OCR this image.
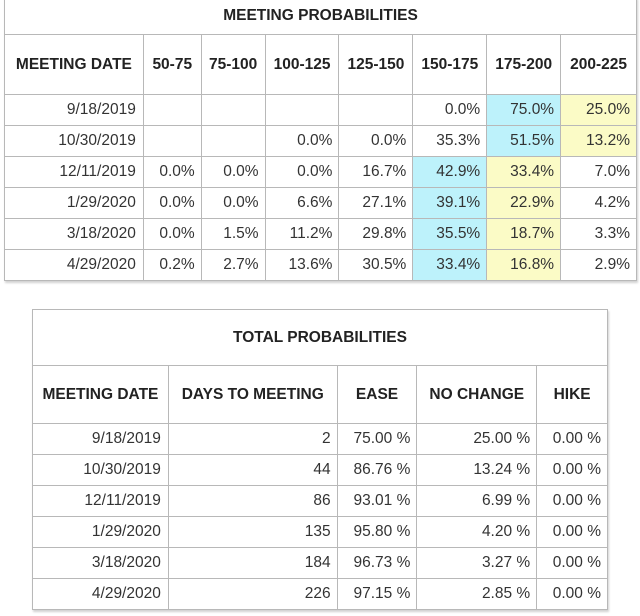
MEETING PROBABILITIES							
MEETING DATE	50-75	75-100	100-125	125-150	150-175	175-200	200-225
9/18/2019					0.0%	75.0%	25.0%
10/30/2019			0.0%	0.0%	35.3%	51.5%	13.2%
12/11/2019	0.0%	0.0%	0.0%	16.7%	42.9%	33.4%	7.0%
1/29/2020	0.0%	0.0%	6.6%	27.1%	39.1%	22.9%	4.2%
3/18/2020	0.0%	1.5%	11.2%	29.8%	35.5%	18.7%	3.3%
4/29/2020	0.2%	2.7%	13.6%	30.5%	33.4%	16.8%	2.9%
TOTAL PROBABILITIES				
MEETING DATE	DAYS TO MEETING	EASE	NO CHANGE	HIKE
9/18/2019	2	75.00 %	25.00 %	0.00 %
10/30/2019	44	86.76 %	13.24 %	0.00 %
12/11/2019	86	93.01 %	6.99 %	0.00 %
1/29/2020	135	95.80 %	4.20 %	0.00 %
3/18/2020	184	96.73 %	3.27 %	0.00 %
4/29/2020	226	97.15 %	2.85 %	0.00 %
